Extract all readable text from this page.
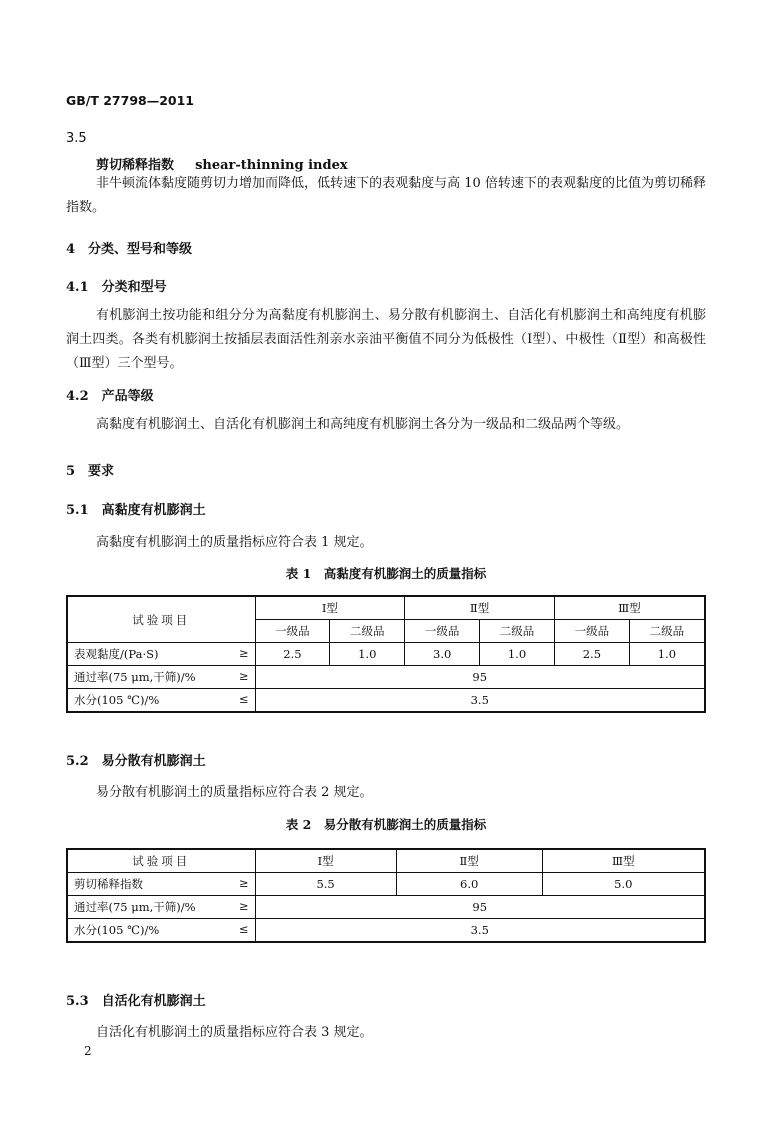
GB/T 27798—2011
3.5
剪切稀释指数 shear-thinning index
非牛顿流体黏度随剪切力增加而降低，低转速下的表观黏度与高 10 倍转速下的表观黏度的比值为剪切稀释指数。
4　分类、型号和等级
4.1　分类和型号
有机膨润土按功能和组分分为高黏度有机膨润土、易分散有机膨润土、自活化有机膨润土和高纯度有机膨润土四类。各类有机膨润土按插层表面活性剂亲水亲油平衡值不同分为低极性（Ⅰ型）、中极性（Ⅱ型）和高极性（Ⅲ型）三个型号。
4.2　产品等级
高黏度有机膨润土、自活化有机膨润土和高纯度有机膨润土各分为一级品和二级品两个等级。
5　要求
5.1　高黏度有机膨润土
高黏度有机膨润土的质量指标应符合表 1 规定。
表 1　高黏度有机膨润土的质量指标
试验项目	Ⅰ型		Ⅱ型		Ⅲ型	
	一级品	二级品	一级品	二级品	一级品	二级品

表观黏度/(Pa·S) ≥	2.5	1.0	3.0	1.0	2.5	1.0

通过率(75 μm,干筛)/% ≥	95					

水分(105 ℃)/% ≤	3.5					
5.2　易分散有机膨润土
易分散有机膨润土的质量指标应符合表 2 规定。
表 2　易分散有机膨润土的质量指标
试验项目	Ⅰ型	Ⅱ型	Ⅲ型

剪切稀释指数 ≥	5.5	6.0	5.0

通过率(75 μm,干筛)/% ≥	95		

水分(105 ℃)/% ≤	3.5		
5.3　自活化有机膨润土
自活化有机膨润土的质量指标应符合表 3 规定。
2
